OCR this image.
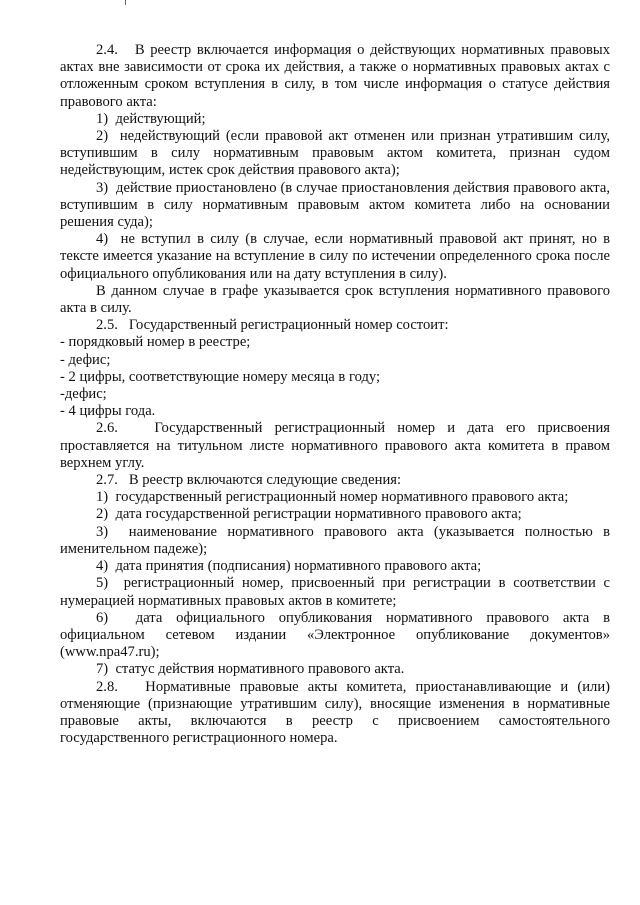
2.4.   В реестр включается информация о действующих нормативных правовых актах вне зависимости от срока их действия, а также о нормативных правовых актах с отложенным сроком вступления в силу, в том числе информация о статусе действия правового акта:

1)  действующий;

2)  недействующий (если правовой акт отменен или признан утратившим силу, вступившим в силу нормативным правовым актом комитета, признан судом недействующим, истек срок действия правового акта);

3)  действие приостановлено (в случае приостановления действия правового акта, вступившим в силу нормативным правовым актом комитета либо на основании решения суда);

4)  не вступил в силу (в случае, если нормативный правовой акт принят, но в тексте имеется указание на вступление в силу по истечении определенного срока после официального опубликования или на дату вступления в силу).

В данном случае в графе указывается срок вступления нормативного правового акта в силу.

2.5.   Государственный регистрационный номер состоит:

- порядковый номер в реестре;

- дефис;

- 2 цифры, соответствующие номеру месяца в году;

-дефис;

- 4 цифры года.

2.6.   Государственный регистрационный номер и дата его присвоения проставляется на титульном листе нормативного правового акта комитета в правом верхнем углу.

2.7.   В реестр включаются следующие сведения:

1)  государственный регистрационный номер нормативного правового акта;

2)  дата государственной регистрации нормативного правового акта;

3)  наименование нормативного правового акта (указывается полностью в именительном падеже);

4)  дата принятия (подписания) нормативного правового акта;

5)  регистрационный номер, присвоенный при регистрации в соответствии с нумерацией нормативных правовых актов в комитете;

6)  дата официального опубликования нормативного правового акта в официальном сетевом издании «Электронное опубликование документов» (www.npa47.ru);

7)  статус действия нормативного правового акта.

2.8.   Нормативные правовые акты комитета, приостанавливающие и (или) отменяющие (признающие утратившим силу), вносящие изменения в нормативные правовые акты, включаются в реестр с присвоением самостоятельного государственного регистрационного номера.
